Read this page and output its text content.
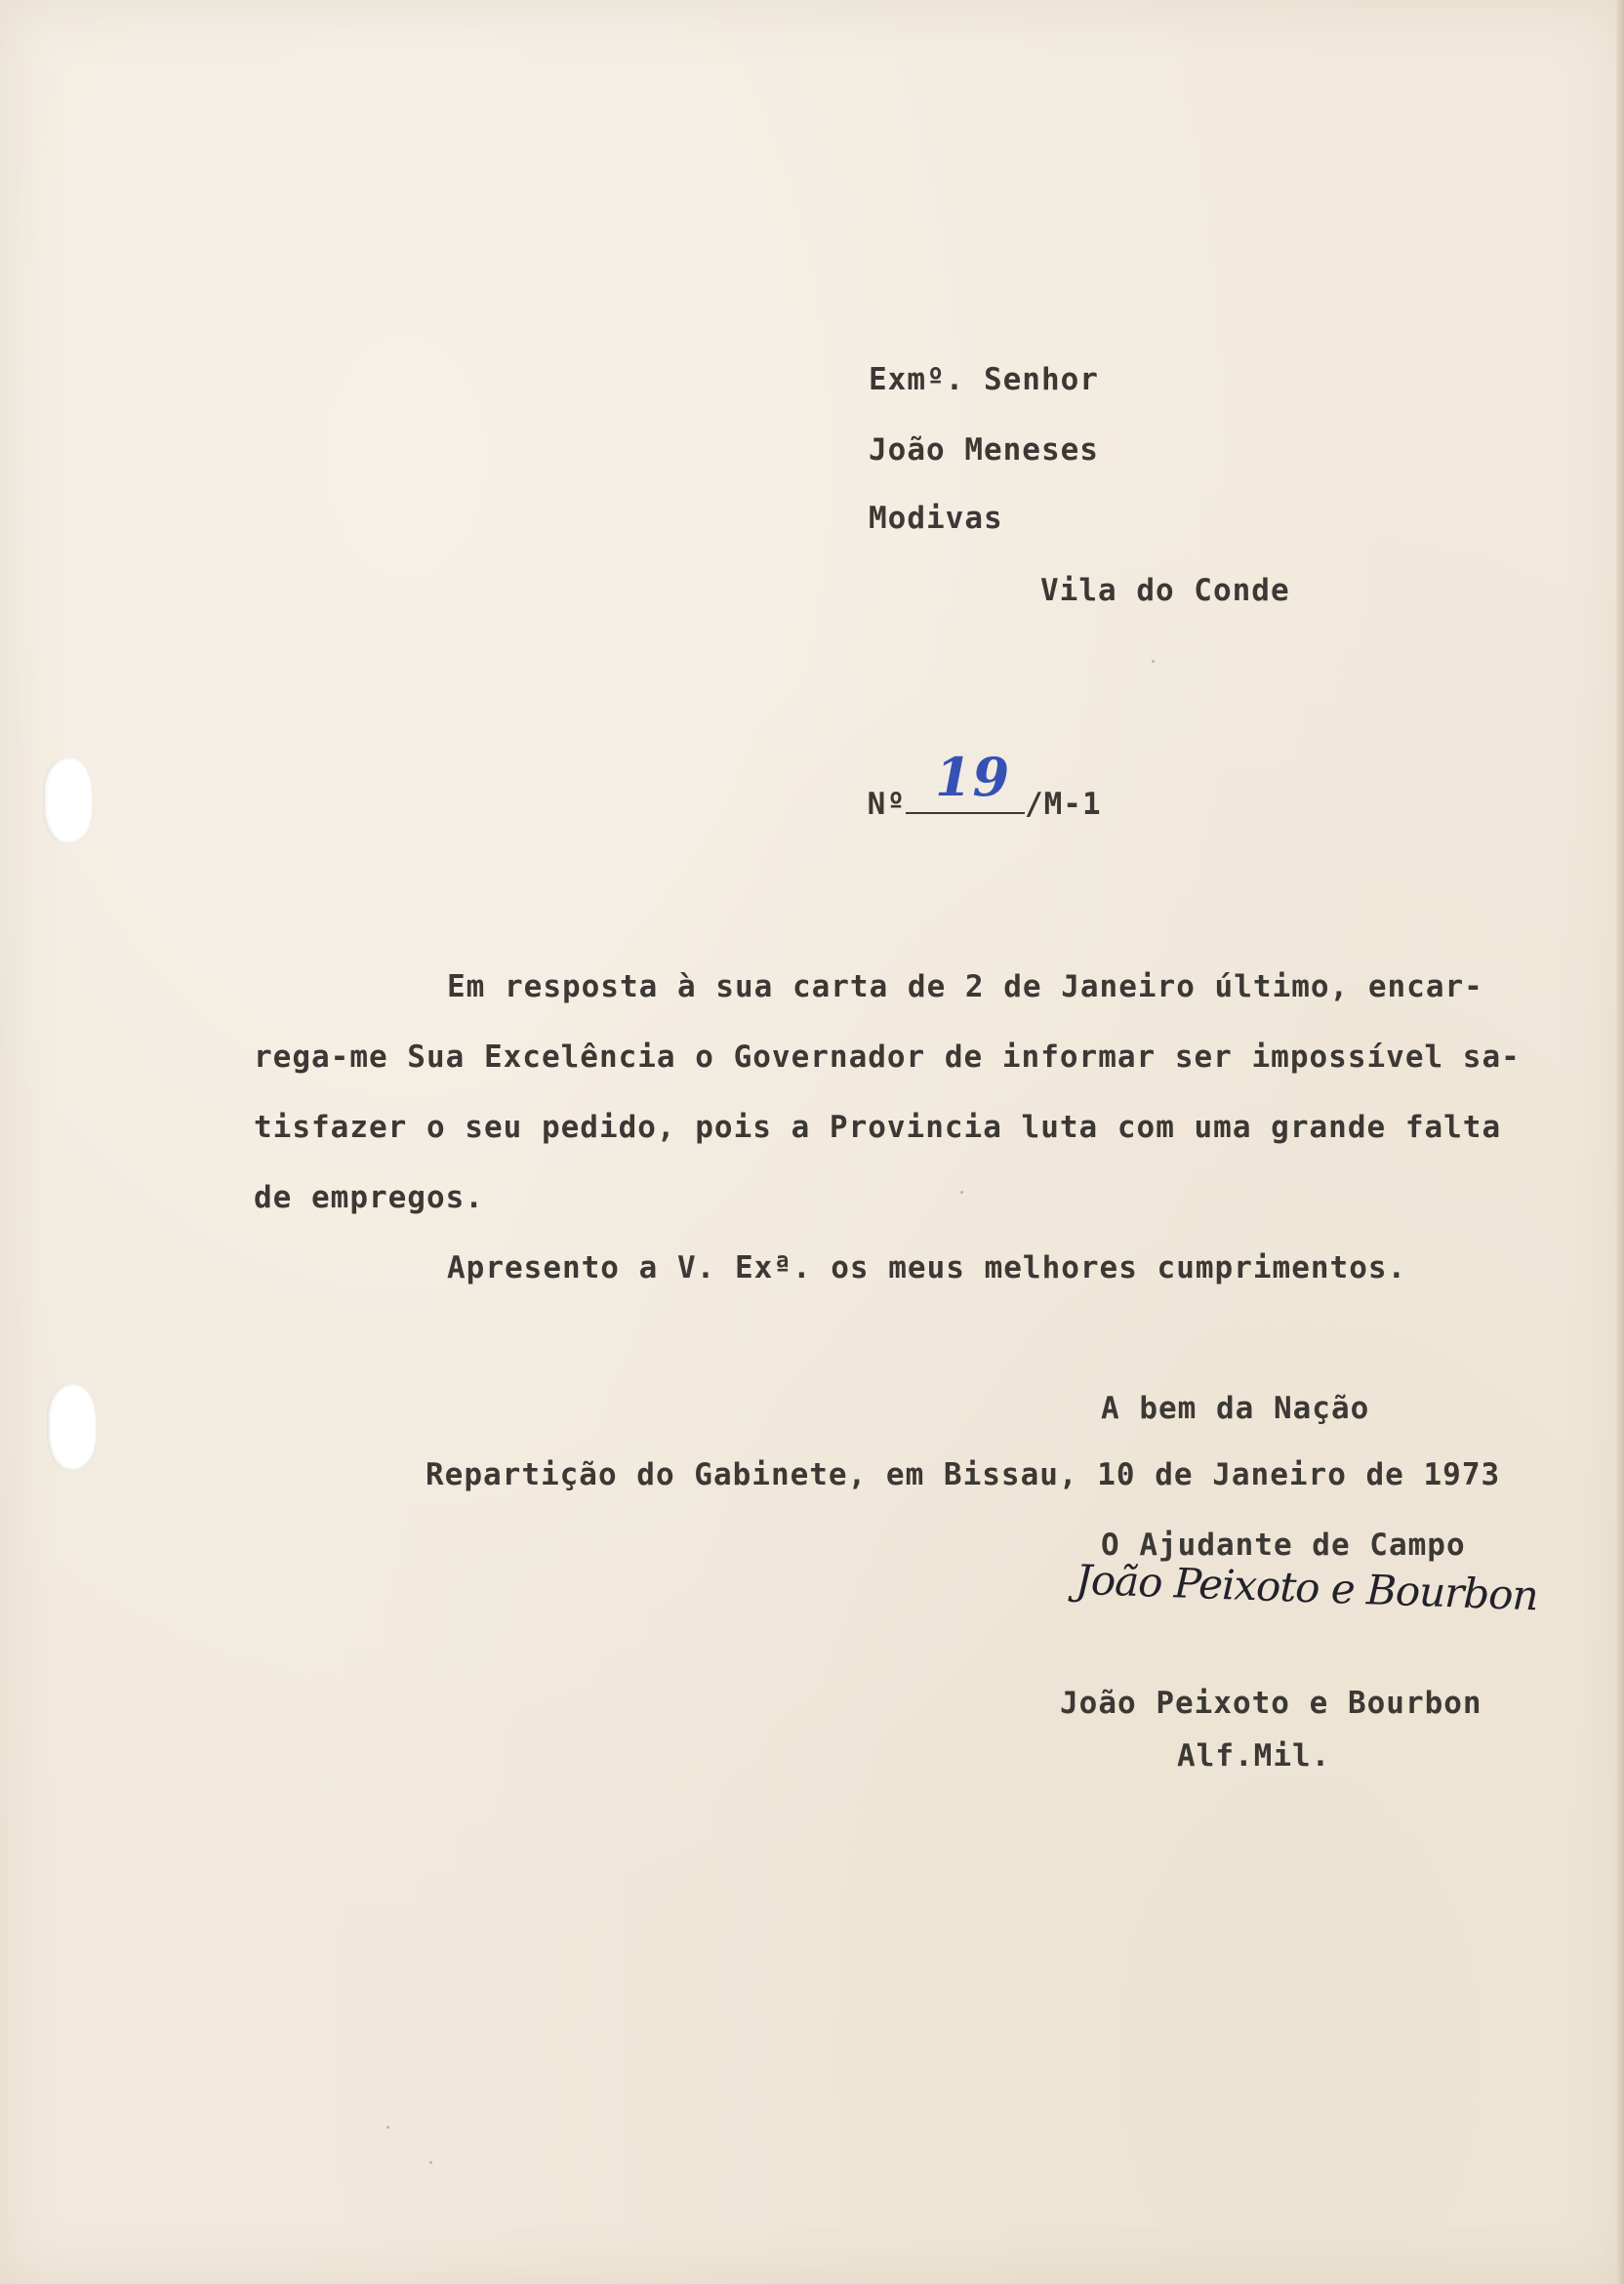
Exmº. Senhor
João Meneses
Modivas
Vila do Conde

Nº 19 /M-1

Em resposta à sua carta de 2 de Janeiro último, encar-
rega-me Sua Excelência o Governador de informar ser impossível sa-
tisfazer o seu pedido, pois a Provincia luta com uma grande falta
de empregos.
Apresento a V. Exª. os meus melhores cumprimentos.
A bem da Nação
Repartição do Gabinete, em Bissau, 10 de Janeiro de 1973
O Ajudante de Campo
João Peixoto e Bourbon
João Peixoto e Bourbon
Alf.Mil.
